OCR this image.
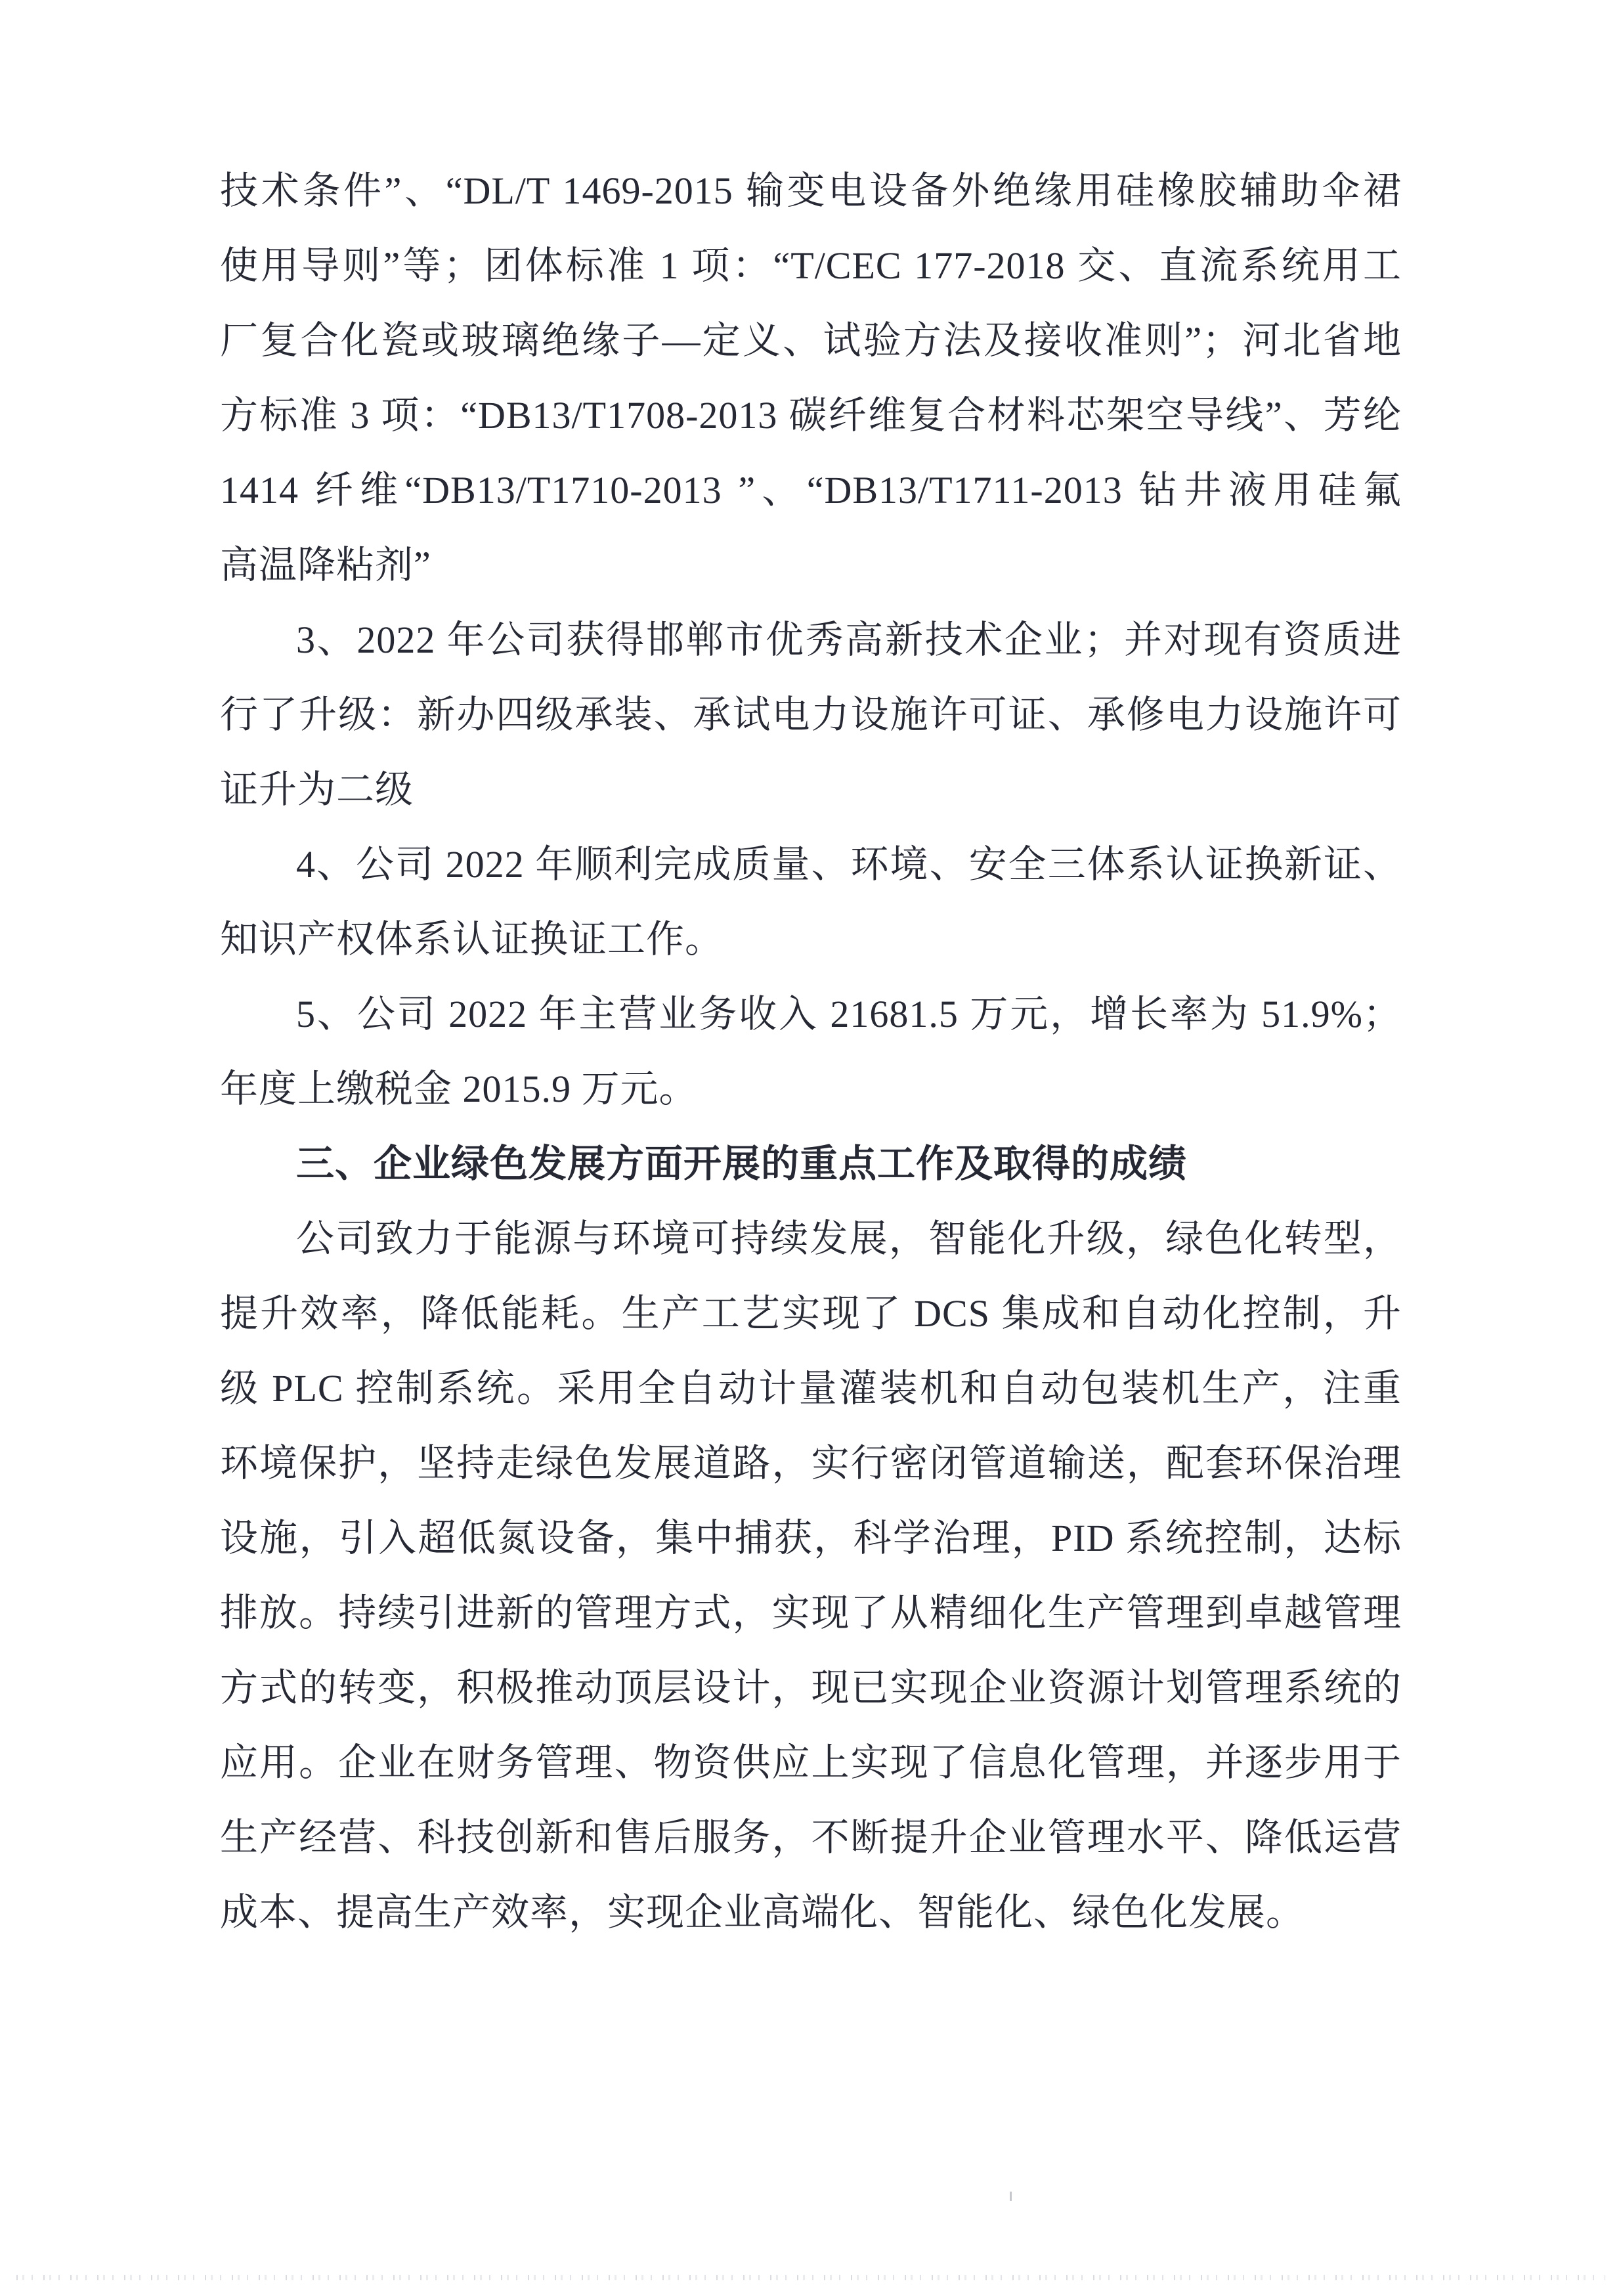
技术条件”、“DL/T 1469-2015 输变电设备外绝缘用硅橡胶辅助伞裙
使用导则”等；团体标准 1 项：“T/CEC 177-2018 交、直流系统用工
厂复合化瓷或玻璃绝缘子—定义、试验方法及接收准则”；河北省地
方标准 3 项：“DB13/T1708-2013 碳纤维复合材料芯架空导线”、芳纶
1414 纤维“DB13/T1710-2013 ”、“DB13/T1711-2013 钻井液用硅氟
高温降粘剂”
3、2022 年公司获得邯郸市优秀高新技术企业；并对现有资质进
行了升级：新办四级承装、承试电力设施许可证、承修电力设施许可
证升为二级
4、公司 2022 年顺利完成质量、环境、安全三体系认证换新证、
知识产权体系认证换证工作。
5、公司 2022 年主营业务收入 21681.5 万元，增长率为 51.9%；
年度上缴税金 2015.9 万元。
三、企业绿色发展方面开展的重点工作及取得的成绩
公司致力于能源与环境可持续发展，智能化升级，绿色化转型，
提升效率，降低能耗。生产工艺实现了 DCS 集成和自动化控制，升
级 PLC 控制系统。采用全自动计量灌装机和自动包装机生产，注重
环境保护，坚持走绿色发展道路，实行密闭管道输送，配套环保治理
设施，引入超低氮设备，集中捕获，科学治理，PID 系统控制，达标
排放。持续引进新的管理方式，实现了从精细化生产管理到卓越管理
方式的转变，积极推动顶层设计，现已实现企业资源计划管理系统的
应用。企业在财务管理、物资供应上实现了信息化管理，并逐步用于
生产经营、科技创新和售后服务，不断提升企业管理水平、降低运营
成本、提高生产效率，实现企业高端化、智能化、绿色化发展。
